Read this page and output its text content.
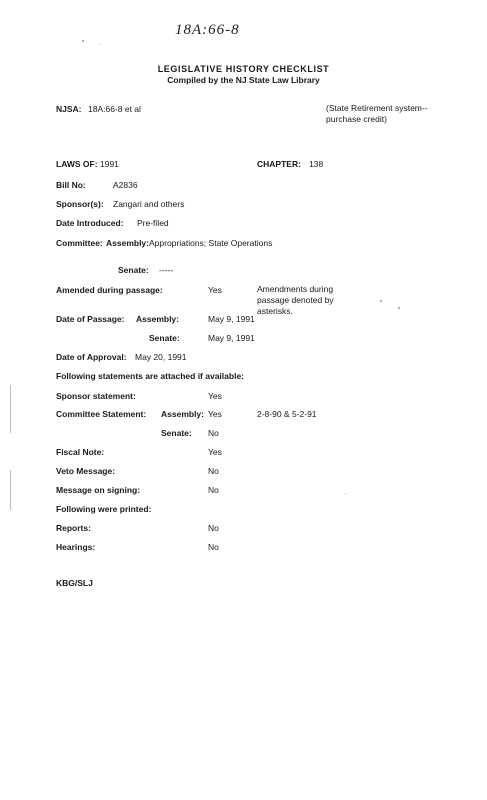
18A:66-8
LEGISLATIVE HISTORY CHECKLIST
Compiled by the NJ State Law Library
NJSA: 18A:66-8 et al	(State Retirement system--purchase credit)
LAWS OF: 1991	CHAPTER: 138
Bill No:	A2836
Sponsor(s): Zangari and others
Date Introduced: Pre-filed
Committee: Assembly: Appropriations; State Operations
Senate: -----
Amended during passage:	Yes	Amendments during passage denoted by asterisks.
Date of Passage: Assembly:	May 9, 1991
Senate:	May 9, 1991
Date of Approval: May 20, 1991
Following statements are attached if available:
Sponsor statement:	Yes
Committee Statement: Assembly: Yes	2-8-90 & 5-2-91
Senate: No
Fiscal Note:	Yes
Veto Message:	No
Message on signing:	No
Following were printed:
Reports:	No
Hearings:	No
KBG/SLJ
